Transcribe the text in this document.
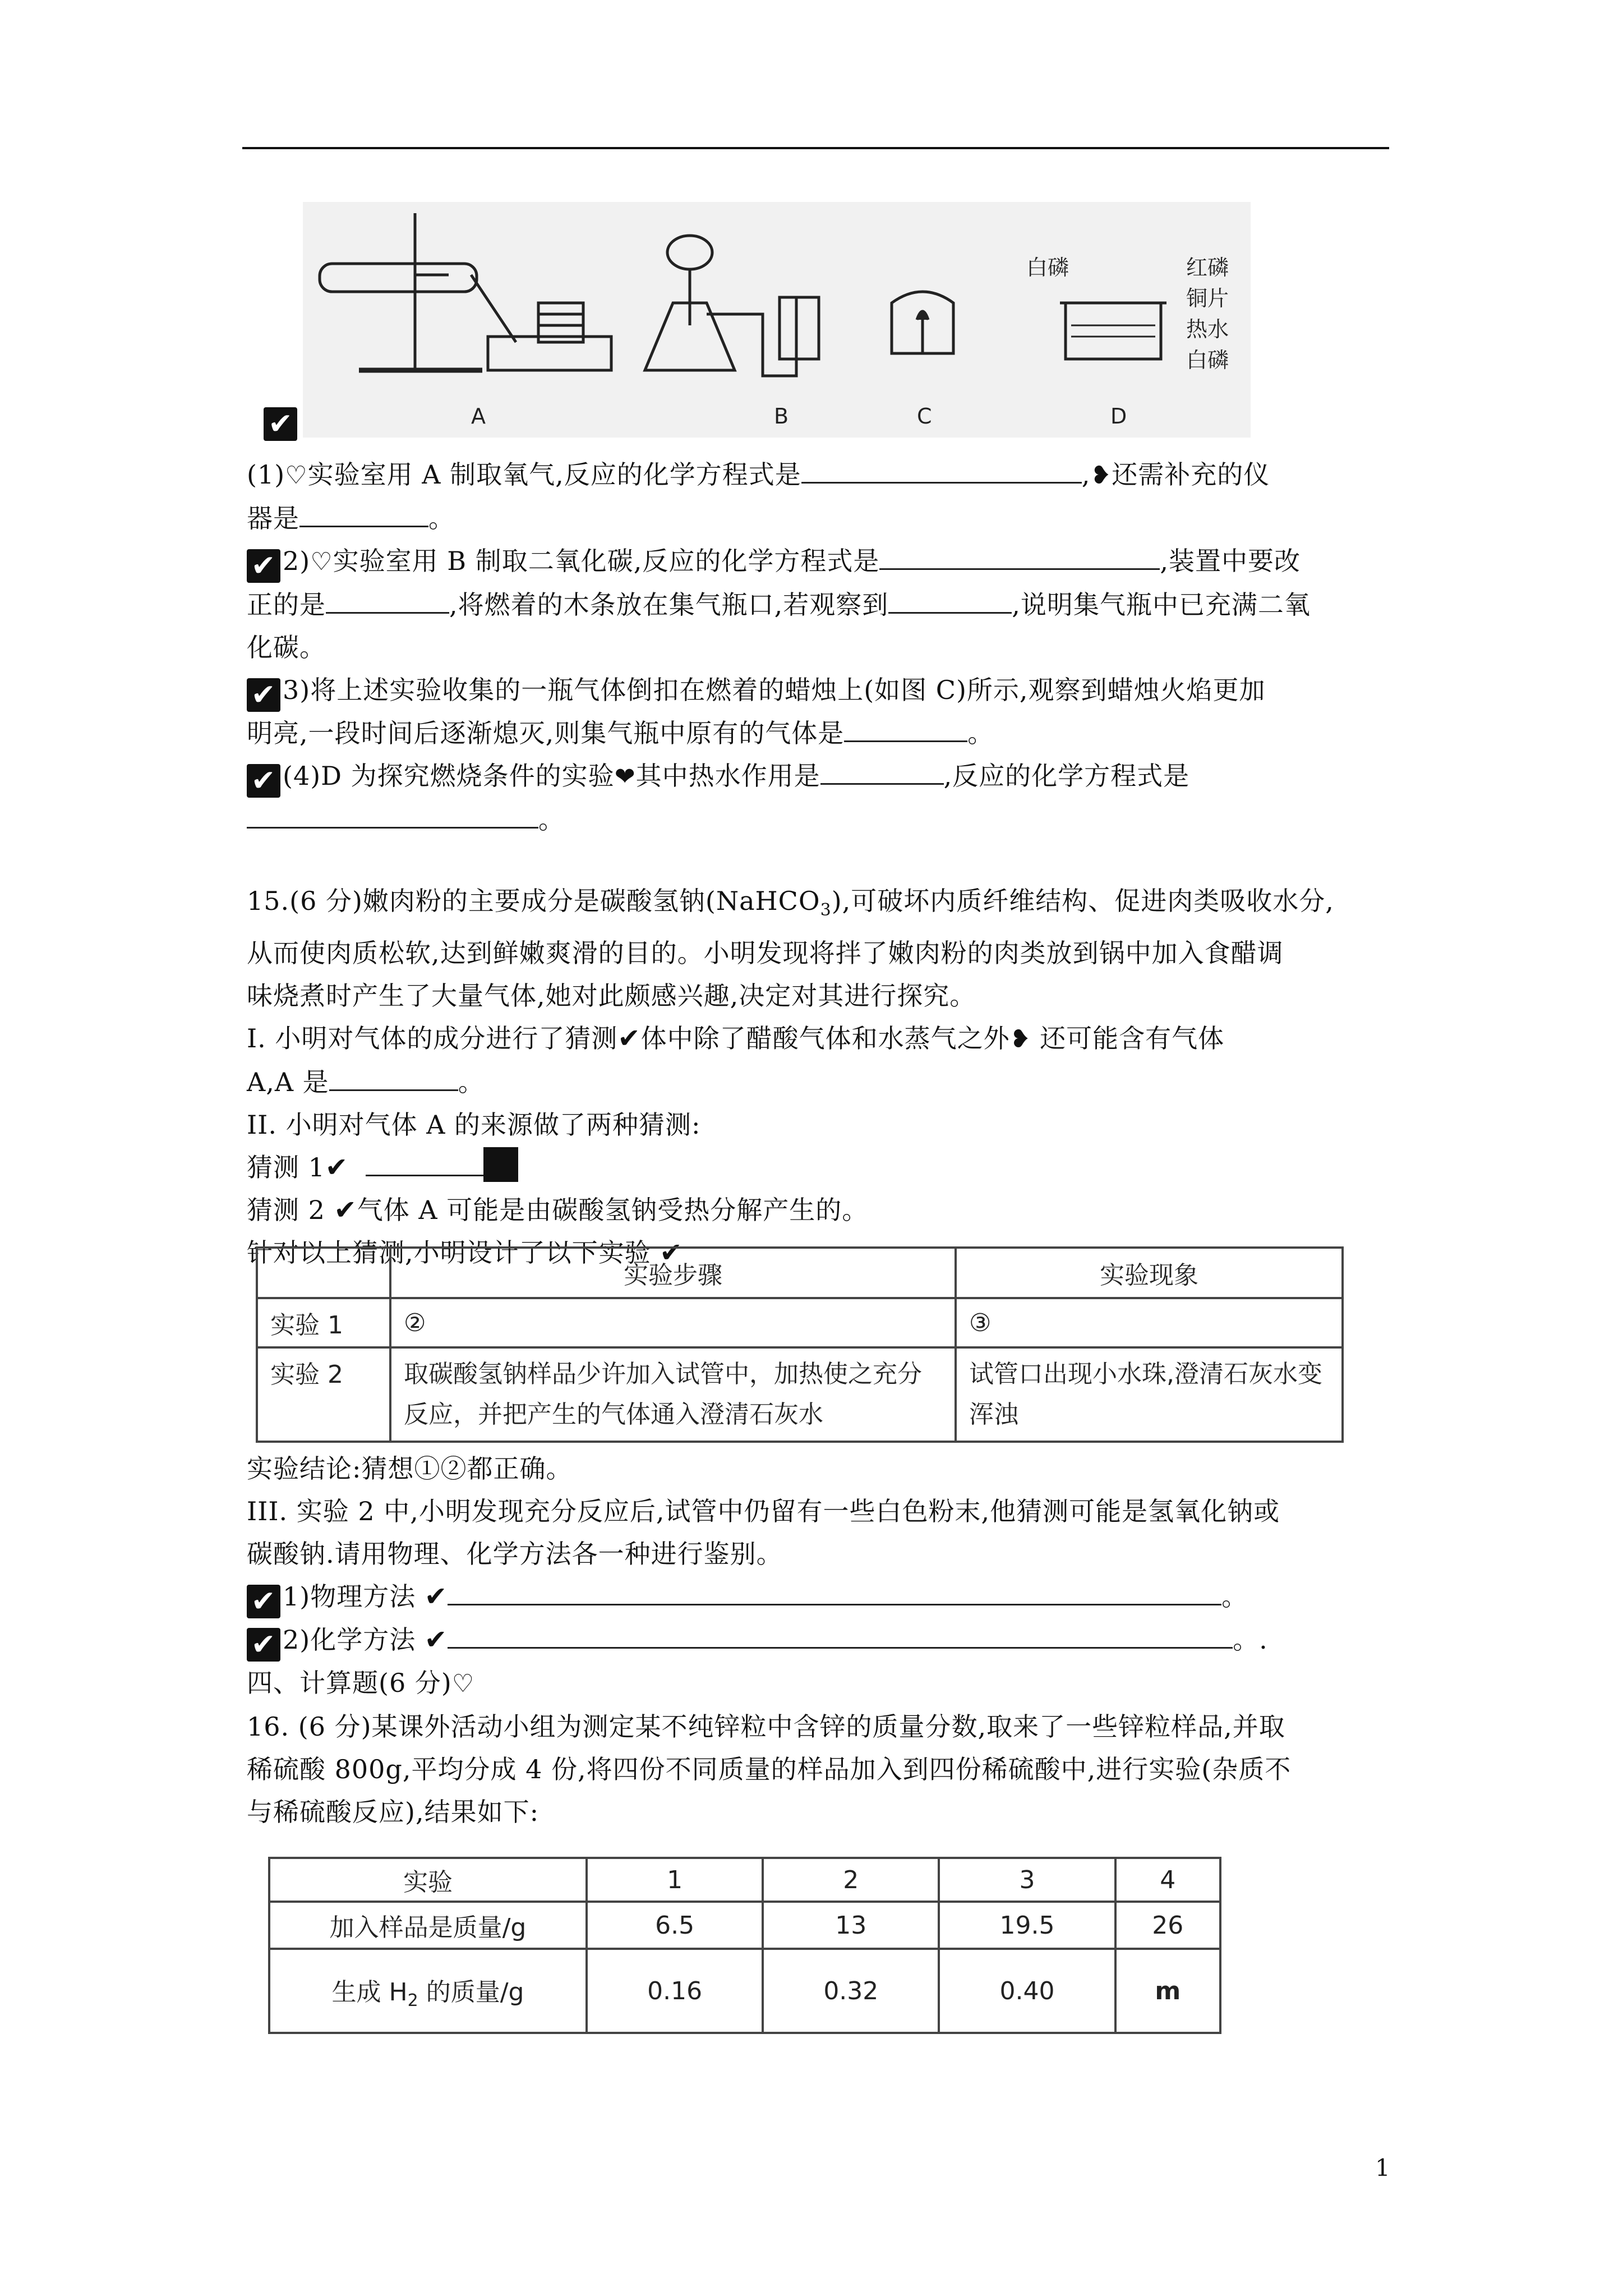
A	B	C
白磷	红磷
铜片
热水
白磷
D
✔
(1)♡实验室用 A 制取氧气,反应的化学方程式是	,❥还需补充的仪
器是	。
✔ 2)♡实验室用 B 制取二氧化碳,反应的化学方程式是	,装置中要改
正的是	,将燃着的木条放在集气瓶口,若观察到	,说明集气瓶中已充满二氧
化碳。
✔ 3)将上述实验收集的一瓶气体倒扣在燃着的蜡烛上(如图 C)所示,观察到蜡烛火焰更加
明亮,一段时间后逐渐熄灭,则集气瓶中原有的气体是	。
✔ (4)D 为探究燃烧条件的实验❤其中热水作用是	,反应的化学方程式是
。
15.(6 分)嫩肉粉的主要成分是碳酸氢钠(NaHCO$_3$),可破坏内质纤维结构、促进肉类吸收水分,
从而使肉质松软,达到鲜嫩爽滑的目的。小明发现将拌了嫩肉粉的肉类放到锅中加入食醋调
味烧煮时产生了大量气体,她对此颇感兴趣,决定对其进行探究。
I. 小明对气体的成分进行了猜测✔体中除了醋酸气体和水蒸气之外❥ 还可能含有气体
A,A 是	。
II. 小明对气体 A 的来源做了两种猜测:
猜测 1✔
猜测 2 ✔气体 A 可能是由碳酸氢钠受热分解产生的。
针对以上猜测,小明设计了以下实验 ✔
	实验步骤	实验现象
实验 1	②	③
实验 2	取碳酸氢钠样品少许加入试管中，加热使之充分反应，并把产生的气体通入澄清石灰水	试管口出现小水珠,澄清石灰水变浑浊
实验结论:猜想①②都正确。
III. 实验 2 中,小明发现充分反应后,试管中仍留有一些白色粉末,他猜测可能是氢氧化钠或
碳酸钠.请用物理、化学方法各一种进行鉴别。
✔ 1)物理方法 ✔	。
✔ 2)化学方法 ✔	。.
四、计算题(6 分)♡
16. (6 分)某课外活动小组为测定某不纯锌粒中含锌的质量分数,取来了一些锌粒样品,并取
稀硫酸 800g,平均分成 4 份,将四份不同质量的样品加入到四份稀硫酸中,进行实验(杂质不
与稀硫酸反应),结果如下:
实验	1	2	3	4
加入样品是质量/g	6.5	13	19.5	26
生成 $H_2$ 的质量/g	0.16	0.32	0.40	m
1
